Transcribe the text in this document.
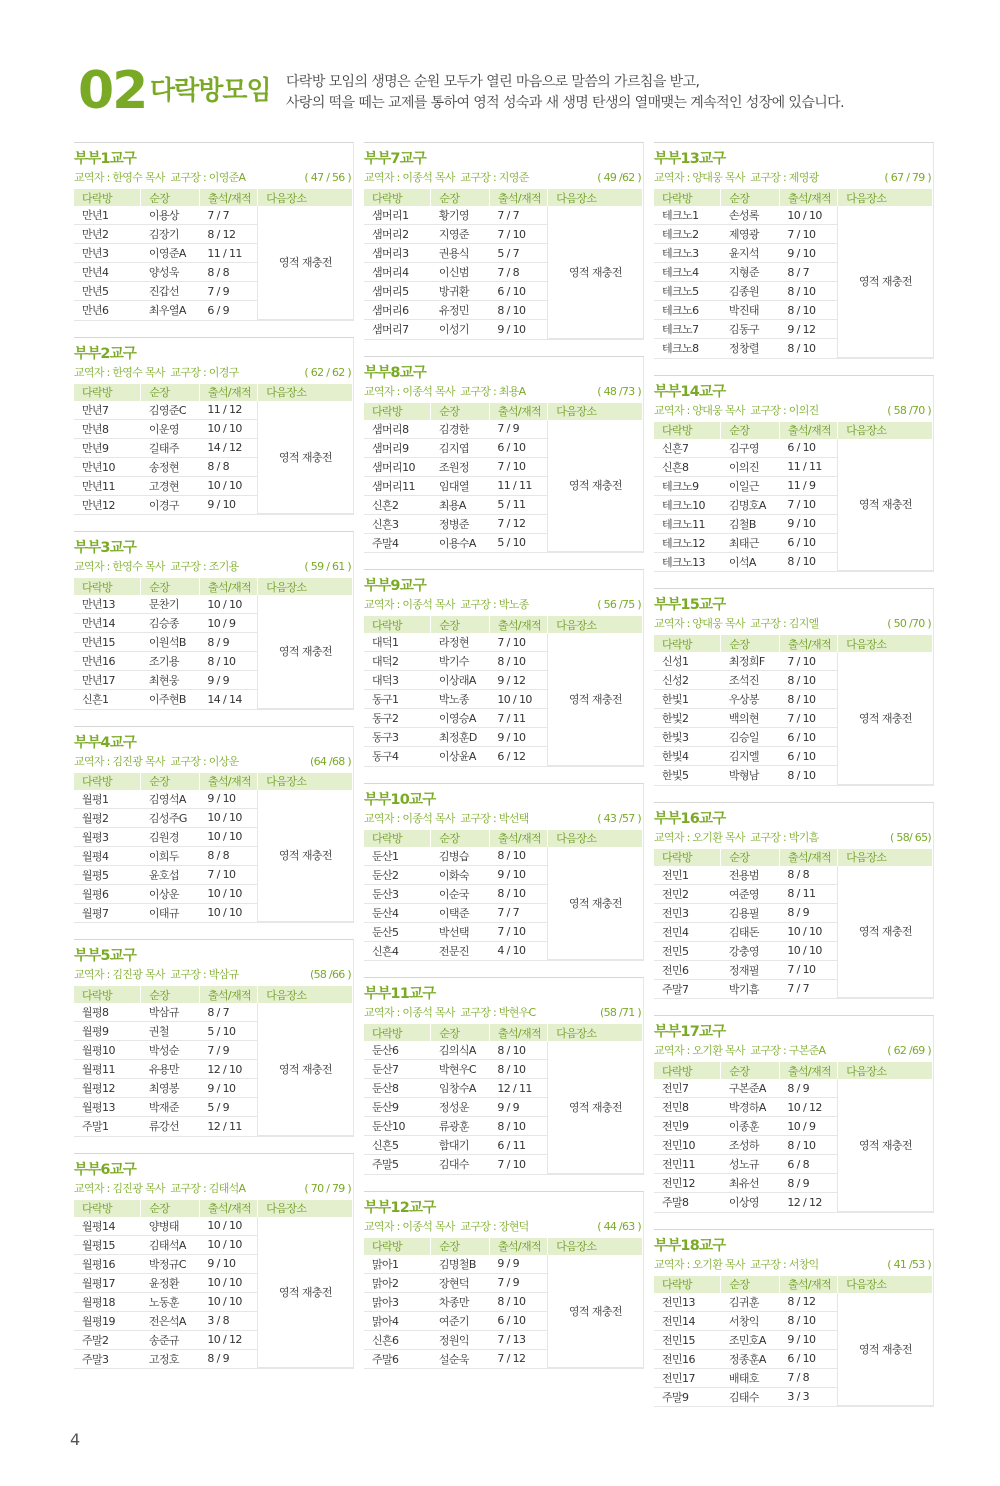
02 다락방모임 다락방 모임의 생명은 순원 모두가 열린 마음으로 말씀의 가르침을 받고,
사랑의 떡을 떼는 교제를 통하여 영적 성숙과 새 생명 탄생의 열매맺는 계속적인 성장에 있습니다.
부부1교구
교역자 : 한영수 목사 교구장 : 이영준A	( 47 / 56 )
다락방	순장	출석/재적	다음장소
만년1	이용상	7 / 7	영적 재충전
만년2	김장기	8 / 12	
만년3	이영준A	11 / 11	
만년4	양성욱	8 / 8	
만년5	진갑선	7 / 9	
만년6	최우열A	6 / 9	
부부2교구
교역자 : 한영수 목사 교구장 : 이경구	( 62 / 62 )
다락방	순장	출석/재적	다음장소
만년7	김영준C	11 / 12	영적 재충전
만년8	이운영	10 / 10	
만년9	길태주	14 / 12	
만년10	송정현	8 / 8	
만년11	고경현	10 / 10	
만년12	이경구	9 / 10	
부부3교구
교역자 : 한영수 목사 교구장 : 조기용	( 59 / 61 )
다락방	순장	출석/재적	다음장소
만년13	문찬기	10 / 10	영적 재충전
만년14	김승종	10 / 9	
만년15	이원석B	8 / 9	
만년16	조기용	8 / 10	
만년17	최현웅	9 / 9	
신흔1	이주현B	14 / 14	
부부4교구
교역자 : 김진광 목사 교구장 : 이상운	(64 /68 )
다락방	순장	출석/재적	다음장소
월평1	김영석A	9 / 10	영적 재충전
월평2	김성주G	10 / 10	
월평3	김원경	10 / 10	
월평4	이희두	8 / 8	
월평5	윤호섭	7 / 10	
월평6	이상운	10 / 10	
월평7	이태규	10 / 10	
부부5교구
교역자 : 김진광 목사 교구장 : 박삼규	(58 /66 )
다락방	순장	출석/재적	다음장소
월평8	박삼규	8 / 7	영적 재충전
월평9	권철	5 / 10	
월평10	박성순	7 / 9	
월평11	유용만	12 / 10	
월평12	최영봉	9 / 10	
월평13	박재준	5 / 9	
주말1	류강선	12 / 11	
부부6교구
교역자 : 김진광 목사 교구장 : 김태석A	( 70 / 79 )
다락방	순장	출석/재적	다음장소
월평14	양병태	10 / 10	영적 재충전
월평15	김태석A	10 / 10	
월평16	박정규C	9 / 10	
월평17	윤정환	10 / 10	
월평18	노동훈	10 / 10	
월평19	전은석A	3 / 8	
주말2	송준규	10 / 12	
주말3	고정호	8 / 9	
부부7교구
교역자 : 이종석 목사 교구장 : 지영준	( 49 /62 )
다락방	순장	출석/재적	다음장소
샘머리1	황기영	7 / 7	영적 재충전
샘머리2	지영준	7 / 10	
샘머리3	권용식	5 / 7	
샘머리4	이신범	7 / 8	
샘머리5	방귀환	6 / 10	
샘머리6	유정민	8 / 10	
샘머리7	이성기	9 / 10	
부부8교구
교역자 : 이종석 목사 교구장 : 최용A	( 48 /73 )
다락방	순장	출석/재적	다음장소
샘머리8	김경한	7 / 9	영적 재충전
샘머리9	김지엽	6 / 10	
샘머리10	조원정	7 / 10	
샘머리11	임대열	11 / 11	
신흔2	최용A	5 / 11	
신흔3	정병준	7 / 12	
주말4	이용수A	5 / 10	
부부9교구
교역자 : 이종석 목사 교구장 : 박노종	( 56 /75 )
다락방	순장	출석/재적	다음장소
대덕1	라정현	7 / 10	영적 재충전
대덕2	박기수	8 / 10	
대덕3	이상래A	9 / 12	
동구1	박노종	10 / 10	
동구2	이영승A	7 / 11	
동구3	최정훈D	9 / 10	
동구4	이상윤A	6 / 12	
부부10교구
교역자 : 이종석 목사 교구장 : 박선택	( 43 /57 )
다락방	순장	출석/재적	다음장소
둔산1	김병습	8 / 10	영적 재충전
둔산2	이화숙	9 / 10	
둔산3	이순국	8 / 10	
둔산4	이택준	7 / 7	
둔산5	박선택	7 / 10	
신흔4	전문진	4 / 10	
부부11교구
교역자 : 이종석 목사 교구장 : 박현우C	(58 /71 )
다락방	순장	출석/재적	다음장소
둔산6	김의식A	8 / 10	영적 재충전
둔산7	박현우C	8 / 10	
둔산8	임창수A	12 / 11	
둔산9	정성운	9 / 9	
둔산10	류광훈	8 / 10	
신흔5	함대기	6 / 11	
주말5	김대수	7 / 10	
부부12교구
교역자 : 이종석 목사 교구장 : 장현덕	( 44 /63 )
다락방	순장	출석/재적	다음장소
맑아1	김명철B	9 / 9	영적 재충전
맑아2	장현덕	7 / 9	
맑아3	차종만	8 / 10	
맑아4	여준기	6 / 10	
신흔6	정원익	7 / 13	
주말6	설순욱	7 / 12	
부부13교구
교역자 : 양대웅 목사 교구장 : 제영광	( 67 / 79 )
다락방	순장	출석/재적	다음장소
테크노1	손성록	10 / 10	영적 재충전
테크노2	제영광	7 / 10	
테크노3	윤지석	9 / 10	
테크노4	지형준	8 / 7	
테크노5	김종원	8 / 10	
테크노6	박진태	8 / 10	
테크노7	김동구	9 / 12	
테크노8	정창렬	8 / 10	
부부14교구
교역자 : 양대웅 목사 교구장 : 이의진	( 58 /70 )
다락방	순장	출석/재적	다음장소
신흔7	김구영	6 / 10	영적 재충전
신흔8	이의진	11 / 11	
테크노9	이일근	11 / 9	
테크노10	김명호A	7 / 10	
테크노11	김철B	9 / 10	
테크노12	최태근	6 / 10	
테크노13	이석A	8 / 10	
부부15교구
교역자 : 양대웅 목사 교구장 : 김지엘	( 50 /70 )
다락방	순장	출석/재적	다음장소
신성1	최정희F	7 / 10	영적 재충전
신성2	조석진	8 / 10	
한빛1	우상봉	8 / 10	
한빛2	백의현	7 / 10	
한빛3	김승일	6 / 10	
한빛4	김지엘	6 / 10	
한빛5	박형남	8 / 10	
부부16교구
교역자 : 오기환 목사 교구장 : 박기흠	( 58/ 65)
다락방	순장	출석/재적	다음장소
전민1	전용범	8 / 8	영적 재충전
전민2	여준영	8 / 11	
전민3	김용필	8 / 9	
전민4	김태돈	10 / 10	
전민5	강충영	10 / 10	
전민6	정재필	7 / 10	
주말7	박기흠	7 / 7	
부부17교구
교역자 : 오기환 목사 교구장 : 구본준A	( 62 /69 )
다락방	순장	출석/재적	다음장소
전민7	구본준A	8 / 9	영적 재충전
전민8	박경하A	10 / 12	
전민9	이종훈	10 / 9	
전민10	조성하	8 / 10	
전민11	성노규	6 / 8	
전민12	최유선	8 / 9	
주말8	이상영	12 / 12	
부부18교구
교역자 : 오기환 목사 교구장 : 서창익	( 41 /53 )
다락방	순장	출석/재적	다음장소
전민13	김귀훈	8 / 12	영적 재충전
전민14	서창익	8 / 10	
전민15	조민호A	9 / 10	
전민16	정종훈A	6 / 10	
전민17	배태호	7 / 8	
주말9	김태수	3 / 3	
4
